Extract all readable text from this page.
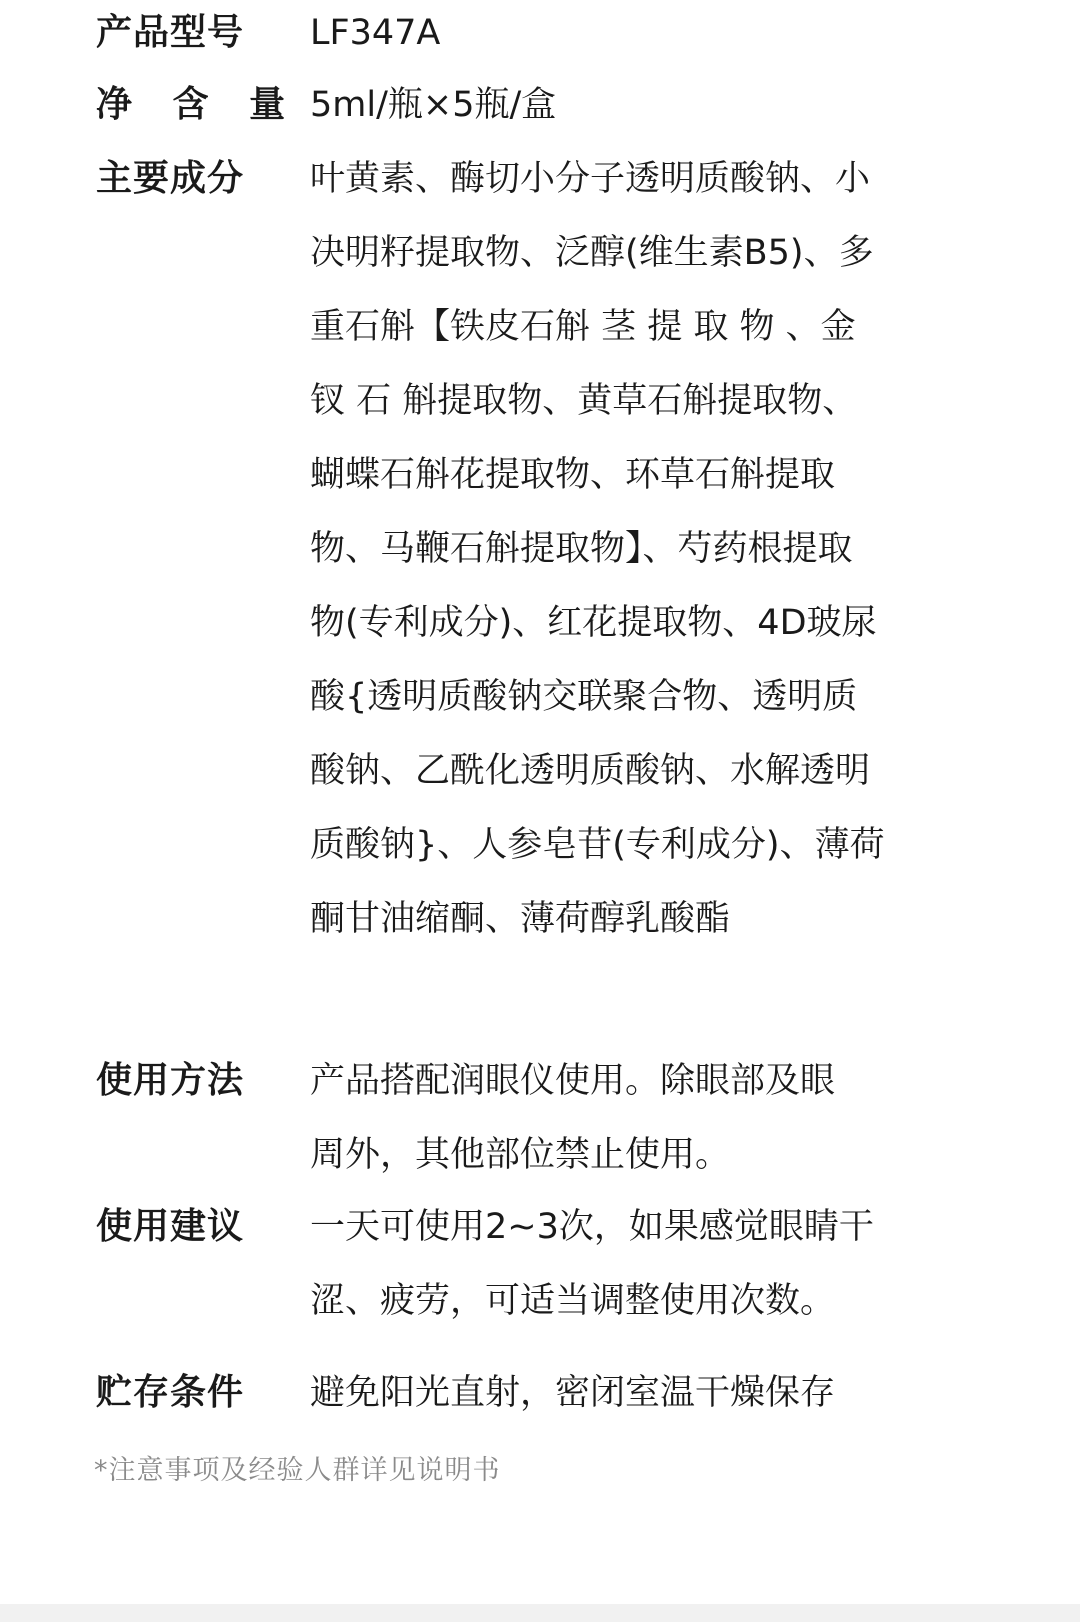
产品型号 LF347A
净 含 量 5ml/瓶×5瓶/盒
主要成分 叶黄素、酶切小分子透明质酸钠、小
决明籽提取物、泛醇(维生素B5)、多
重石斛【铁皮石斛 茎 提 取 物 、金
钗 石 斛提取物、黄草石斛提取物、
蝴蝶石斛花提取物、环草石斛提取
物、马鞭石斛提取物】、芍药根提取
物(专利成分)、红花提取物、4D玻尿
酸{透明质酸钠交联聚合物、透明质
酸钠、乙酰化透明质酸钠、水解透明
质酸钠}、人参皂苷(专利成分)、薄荷
酮甘油缩酮、薄荷醇乳酸酯
使用方法 产品搭配润眼仪使用。除眼部及眼
周外，其他部位禁止使用。
使用建议 一天可使用2~3次，如果感觉眼睛干
涩、疲劳，可适当调整使用次数。
贮存条件 避免阳光直射，密闭室温干燥保存
*注意事项及经验人群详见说明书
